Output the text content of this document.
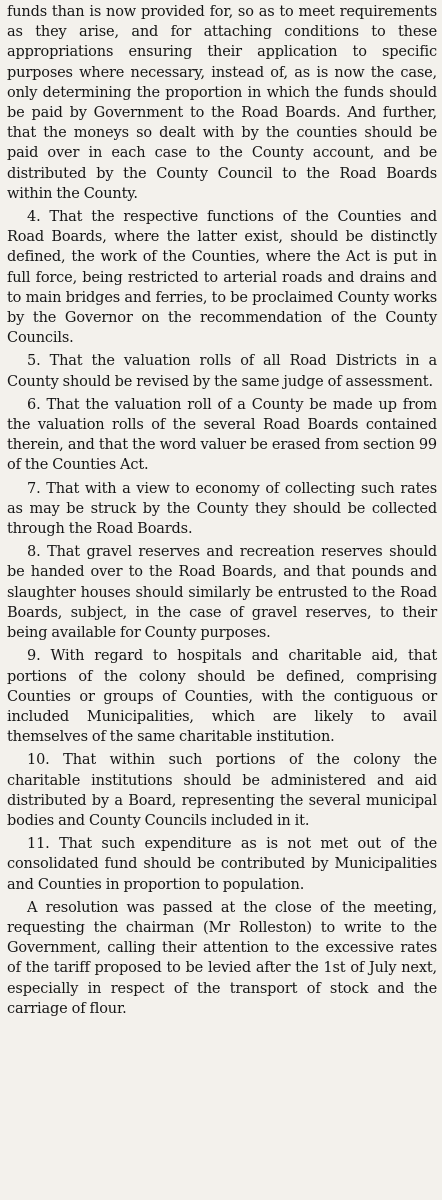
funds than is now provided for, so as to meet requirements as they arise, and for attaching conditions to these appropriations ensuring their application to specific purposes where necessary, instead of, as is now the case, only determining the proportion in which the funds should be paid by Government to the Road Boards. And further, that the moneys so dealt with by the counties should be paid over in each case to the County account, and be distributed by the County Council to the Road Boards within the County.

4. That the respective functions of the Counties and Road Boards, where the latter exist, should be distinctly defined, the work of the Counties, where the Act is put in full force, being restricted to arterial roads and drains and to main bridges and ferries, to be proclaimed County works by the Governor on the recommendation of the County Councils.

5. That the valuation rolls of all Road Districts in a County should be revised by the same judge of assessment.

6. That the valuation roll of a County be made up from the valuation rolls of the several Road Boards contained therein, and that the word valuer be erased from section 99 of the Counties Act.

7. That with a view to economy of collecting such rates as may be struck by the County they should be collected through the Road Boards.

8. That gravel reserves and recreation reserves should be handed over to the Road Boards, and that pounds and slaughter houses should similarly be entrusted to the Road Boards, subject, in the case of gravel reserves, to their being available for County purposes.

9. With regard to hospitals and charitable aid, that portions of the colony should be defined, comprising Counties or groups of Counties, with the contiguous or included Municipalities, which are likely to avail themselves of the same charitable institution.

10. That within such portions of the colony the charitable institutions should be administered and aid distributed by a Board, representing the several municipal bodies and County Councils included in it.

11. That such expenditure as is not met out of the consolidated fund should be contributed by Municipalities and Counties in proportion to population.

A resolution was passed at the close of the meeting, requesting the chairman (Mr Rolleston) to write to the Government, calling their attention to the excessive rates of the tariff proposed to be levied after the 1st of July next, especially in respect of the transport of stock and the carriage of flour.
